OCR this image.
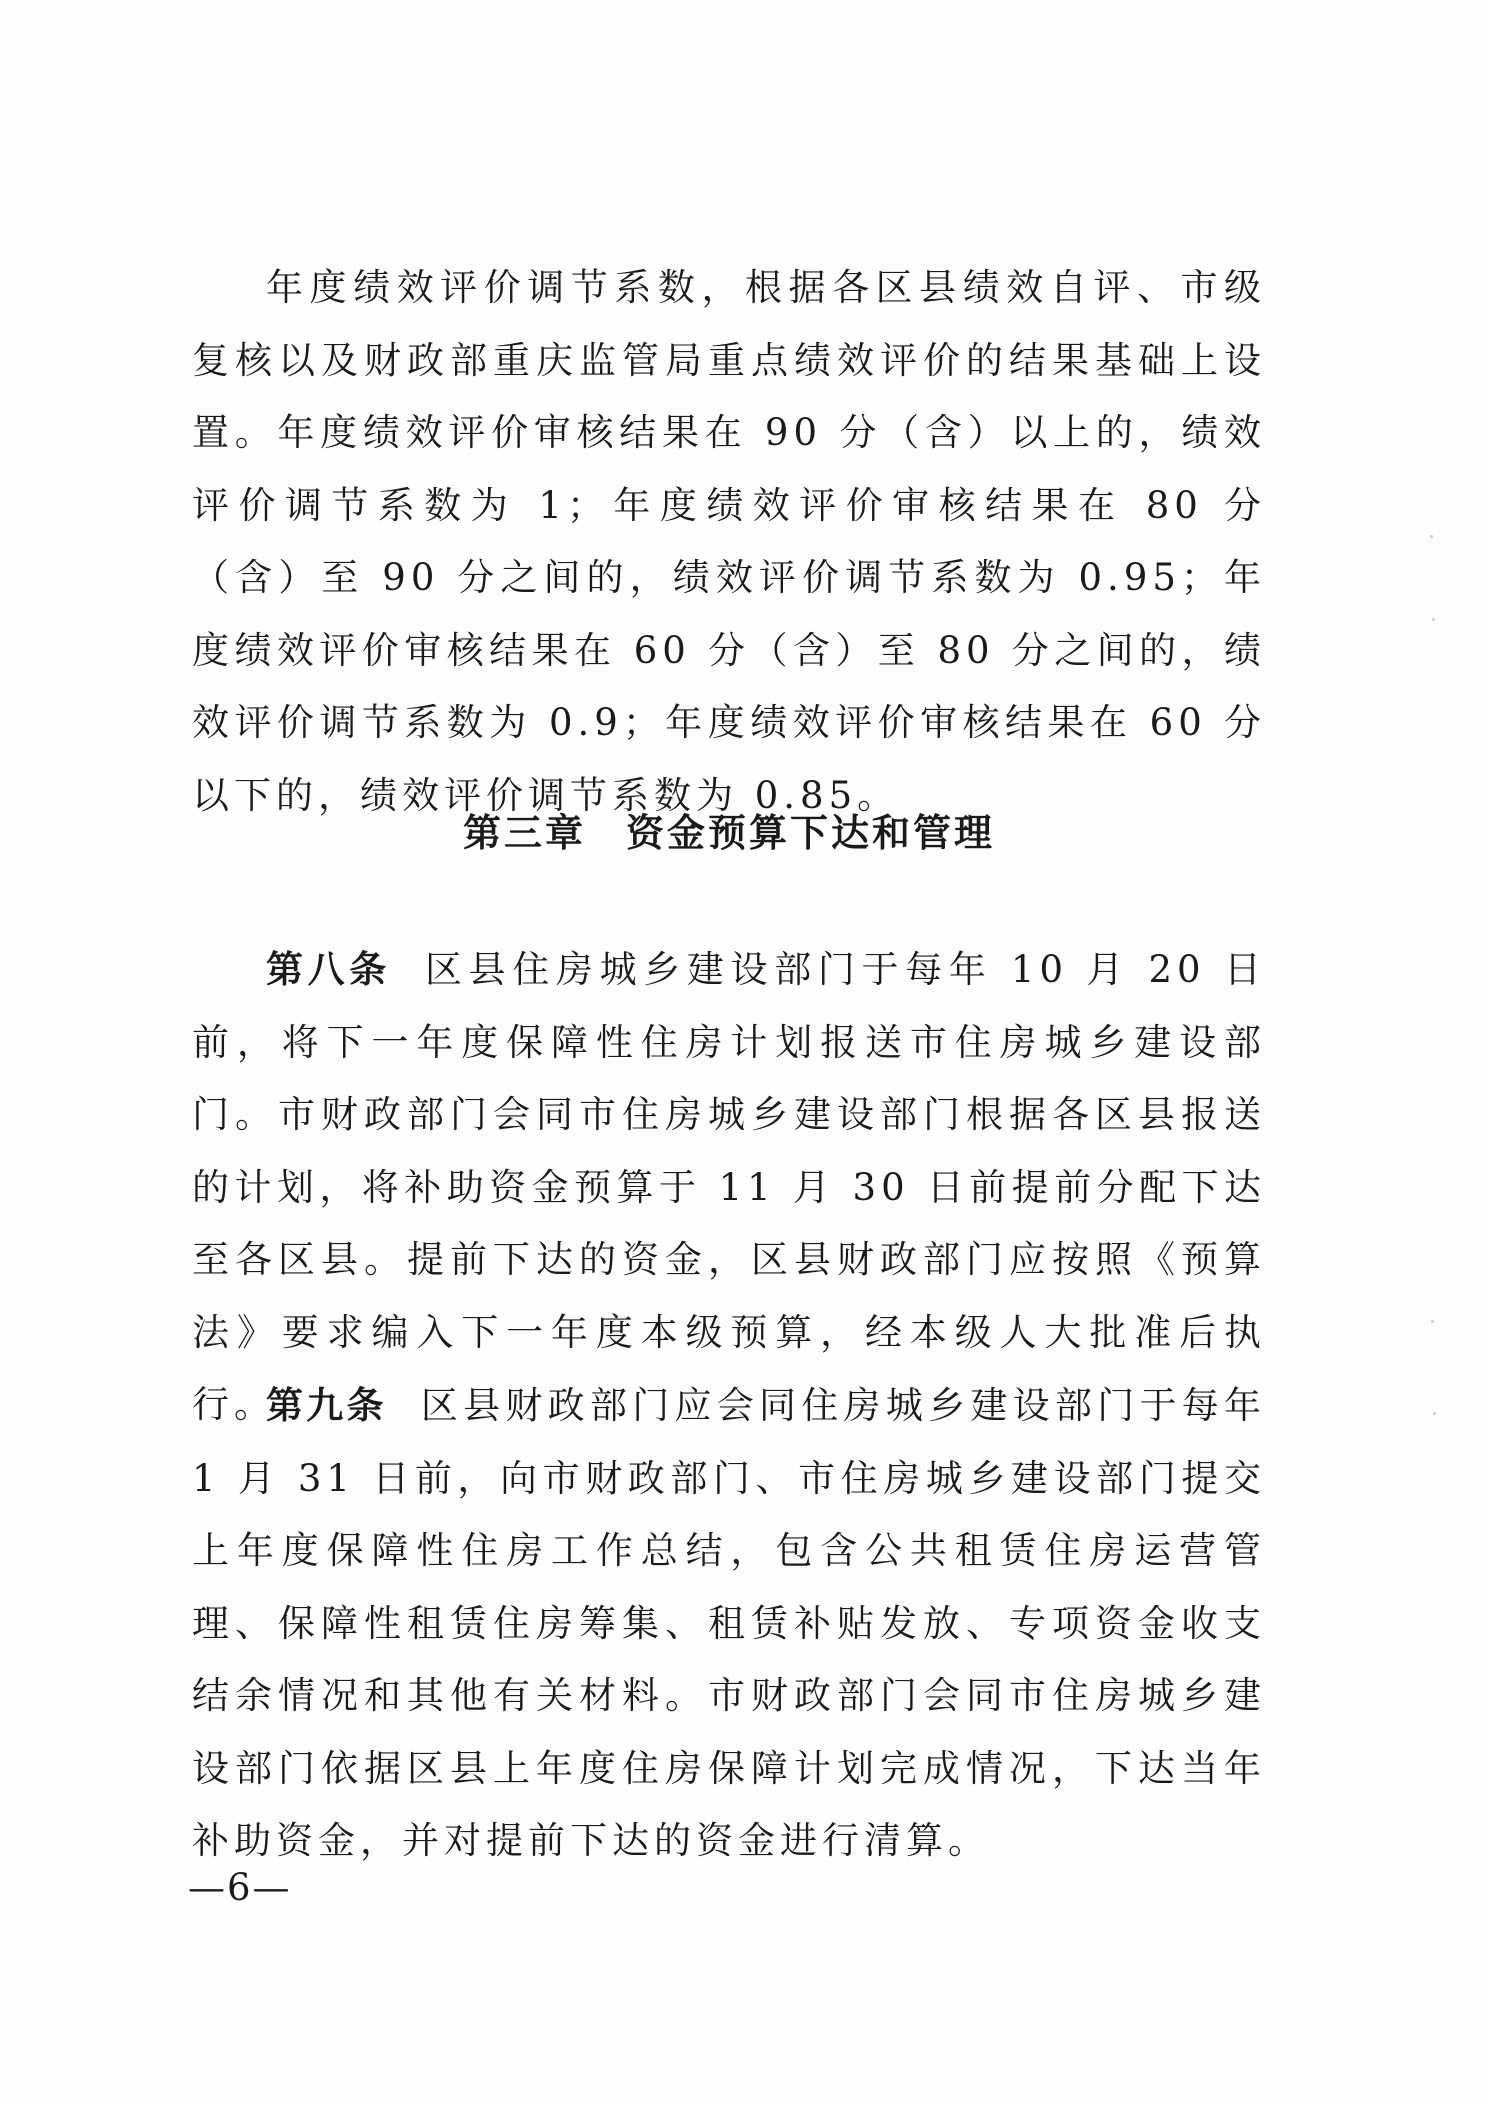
年度绩效评价调节系数，根据各区县绩效自评、市级复核以及财政部重庆监管局重点绩效评价的结果基础上设置。年度绩效评价审核结果在 90 分（含）以上的，绩效评价调节系数为 1；年度绩效评价审核结果在 80 分（含）至 90 分之间的，绩效评价调节系数为 0.95；年度绩效评价审核结果在 60 分（含）至 80 分之间的，绩效评价调节系数为 0.9；年度绩效评价审核结果在 60 分以下的，绩效评价调节系数为 0.85。

第三章 资金预算下达和管理

第八条 区县住房城乡建设部门于每年 10 月 20 日前，将下一年度保障性住房计划报送市住房城乡建设部门。市财政部门会同市住房城乡建设部门根据各区县报送的计划，将补助资金预算于 11 月 30 日前提前分配下达至各区县。提前下达的资金，区县财政部门应按照《预算法》要求编入下一年度本级预算，经本级人大批准后执行。

第九条 区县财政部门应会同住房城乡建设部门于每年 1 月 31 日前，向市财政部门、市住房城乡建设部门提交上年度保障性住房工作总结，包含公共租赁住房运营管理、保障性租赁住房筹集、租赁补贴发放、专项资金收支结余情况和其他有关材料。市财政部门会同市住房城乡建设部门依据区县上年度住房保障计划完成情况，下达当年补助资金，并对提前下达的资金进行清算。

—6—
